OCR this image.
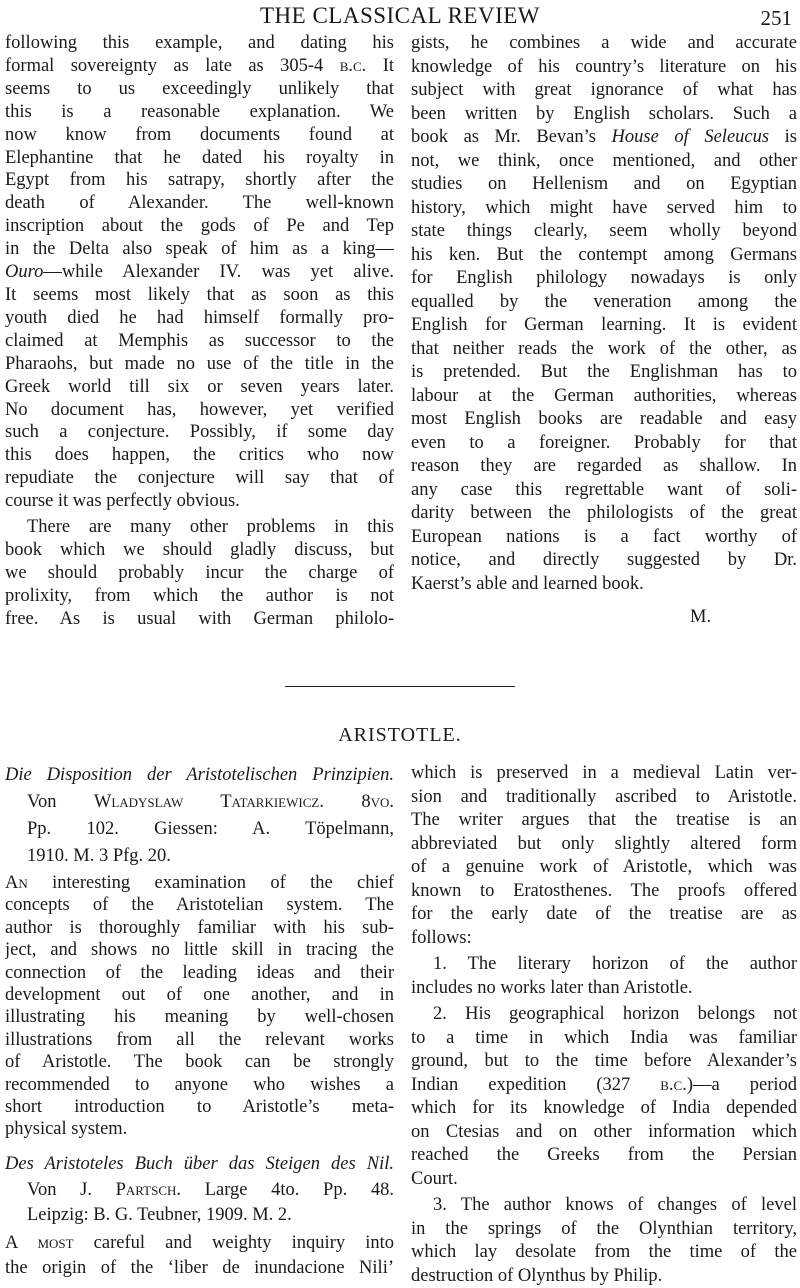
THE CLASSICAL REVIEW	251
following this example, and dating his
formal sovereignty as late as 305-4 b.c. It
seems to us exceedingly unlikely that
this is a reasonable explanation. We
now know from documents found at
Elephantine that he dated his royalty in
Egypt from his satrapy, shortly after the
death of Alexander. The well-known
inscription about the gods of Pe and Tep
in the Delta also speak of him as a king—
Ouro—while Alexander IV. was yet alive.
It seems most likely that as soon as this
youth died he had himself formally pro-
claimed at Memphis as successor to the
Pharaohs, but made no use of the title in the
Greek world till six or seven years later.
No document has, however, yet verified
such a conjecture. Possibly, if some day
this does happen, the critics who now
repudiate the conjecture will say that of
course it was perfectly obvious.
There are many other problems in this
book which we should gladly discuss, but
we should probably incur the charge of
prolixity, from which the author is not
free. As is usual with German philolo-
gists, he combines a wide and accurate
knowledge of his country’s literature on his
subject with great ignorance of what has
been written by English scholars. Such a
book as Mr. Bevan’s House of Seleucus is
not, we think, once mentioned, and other
studies on Hellenism and on Egyptian
history, which might have served him to
state things clearly, seem wholly beyond
his ken. But the contempt among Germans
for English philology nowadays is only
equalled by the veneration among the
English for German learning. It is evident
that neither reads the work of the other, as
is pretended. But the Englishman has to
labour at the German authorities, whereas
most English books are readable and easy
even to a foreigner. Probably for that
reason they are regarded as shallow. In
any case this regrettable want of soli-
darity between the philologists of the great
European nations is a fact worthy of
notice, and directly suggested by Dr.
Kaerst’s able and learned book.
M.
ARISTOTLE.
Die Disposition der Aristotelischen Prinzipien.
Von Wladyslaw Tatarkiewicz. 8vo.
Pp. 102. Giessen: A. Töpelmann,
1910. M. 3 Pfg. 20.
An interesting examination of the chief
concepts of the Aristotelian system. The
author is thoroughly familiar with his sub-
ject, and shows no little skill in tracing the
connection of the leading ideas and their
development out of one another, and in
illustrating his meaning by well-chosen
illustrations from all the relevant works
of Aristotle. The book can be strongly
recommended to anyone who wishes a
short introduction to Aristotle’s meta-
physical system.
Des Aristoteles Buch über das Steigen des Nil.
Von J. Partsch. Large 4to. Pp. 48.
Leipzig: B. G. Teubner, 1909. M. 2.
A most careful and weighty inquiry into
the origin of the ‘liber de inundacione Nili’
which is preserved in a medieval Latin ver-
sion and traditionally ascribed to Aristotle.
The writer argues that the treatise is an
abbreviated but only slightly altered form
of a genuine work of Aristotle, which was
known to Eratosthenes. The proofs offered
for the early date of the treatise are as
follows:
1. The literary horizon of the author
includes no works later than Aristotle.
2. His geographical horizon belongs not
to a time in which India was familiar
ground, but to the time before Alexander’s
Indian expedition (327 b.c.)—a period
which for its knowledge of India depended
on Ctesias and on other information which
reached the Greeks from the Persian
Court.
3. The author knows of changes of level
in the springs of the Olynthian territory,
which lay desolate from the time of the
destruction of Olynthus by Philip.
